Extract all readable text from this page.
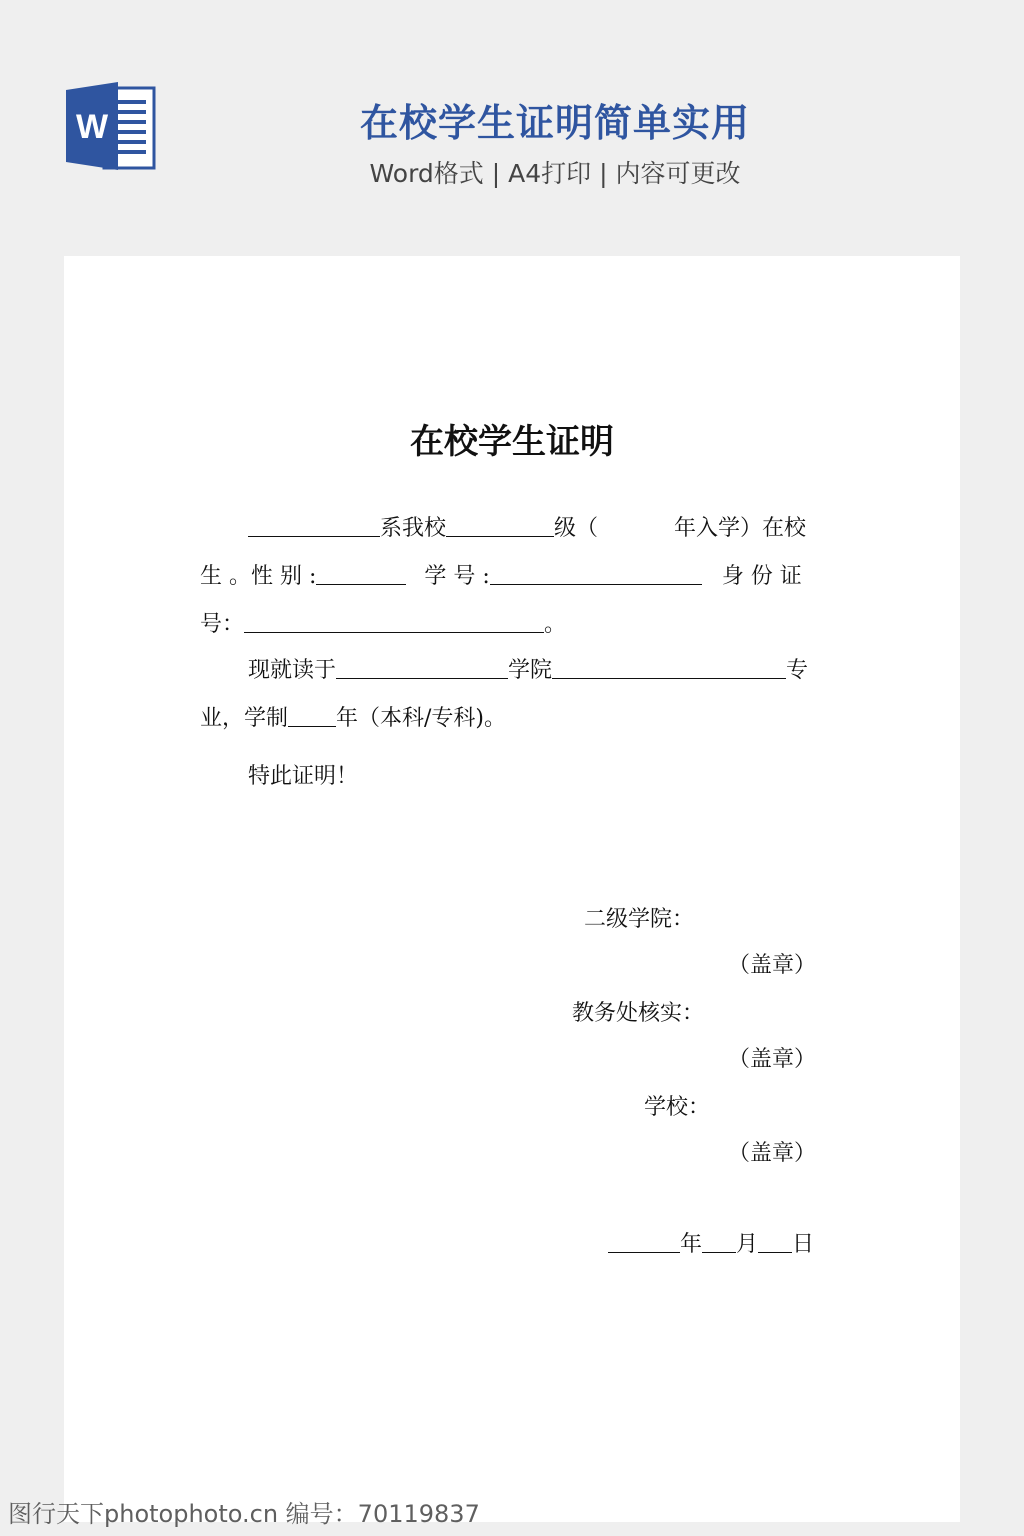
W	在校学生证明简单实用
Word格式 | A4打印 | 内容可更改
在校学生证明
系我校	级（	年入学）在校
生 。性 别 :	学 号 :	身 份 证
号：	。
现就读于	学院	专
业，学制 年（本科/专科)。
特此证明！
二级学院：
（盖章）
教务处核实：
（盖章）
学校：
（盖章）
年 月 日
图行天下photophoto.cn 编号：70119837
